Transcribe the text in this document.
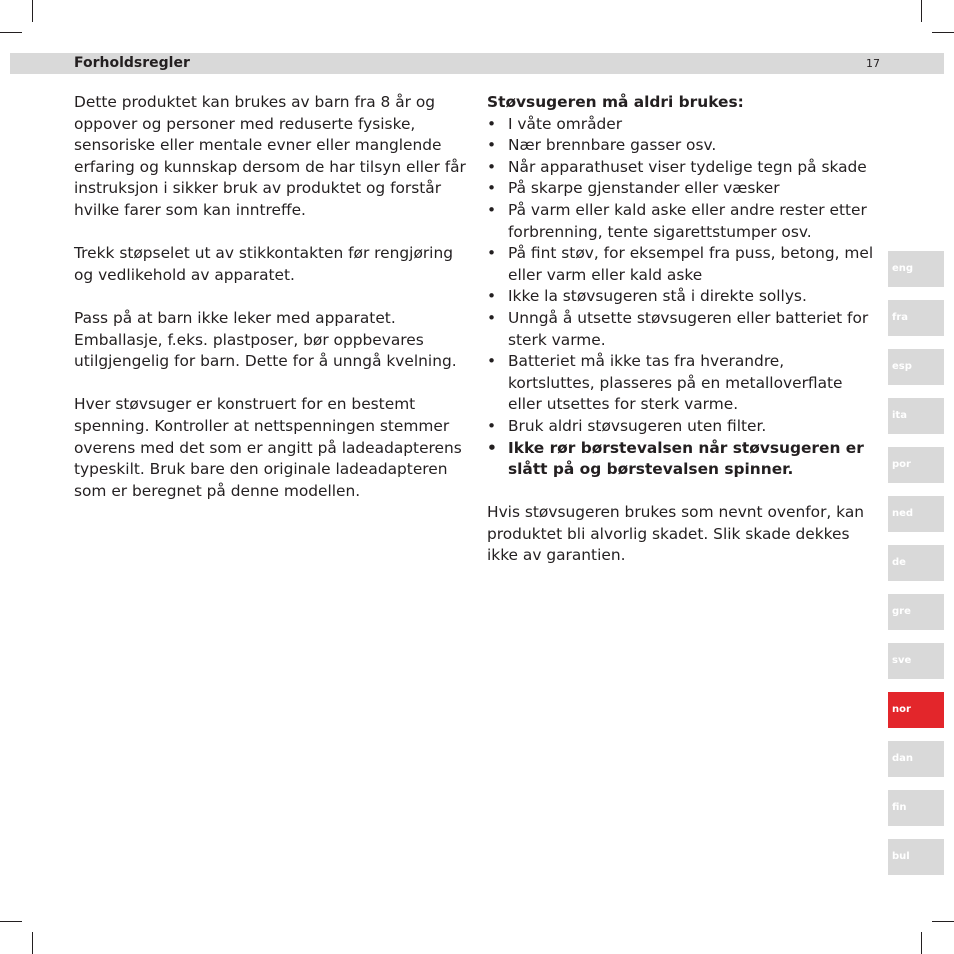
Forholdsregler	17

Dette produktet kan brukes av barn fra 8 år og oppover og personer med reduserte fysiske, sensoriske eller mentale evner eller manglende erfaring og kunnskap dersom de har tilsyn eller får instruksjon i sikker bruk av produktet og forstår hvilke farer som kan inntreffe.

Trekk støpselet ut av stikkontakten før rengjøring og vedlikehold av apparatet.

Pass på at barn ikke leker med apparatet. Emballasje, f.eks. plastposer, bør oppbevares utilgjengelig for barn. Dette for å unngå kvelning.

Hver støvsuger er konstruert for en bestemt spenning. Kontroller at nettspenningen stemmer overens med det som er angitt på ladeadapterens typeskilt. Bruk bare den originale ladeadapteren som er beregnet på denne modellen.

Støvsugeren må aldri brukes:

• I våte områder
• Nær brennbare gasser osv.
• Når apparathuset viser tydelige tegn på skade
• På skarpe gjenstander eller væsker
• På varm eller kald aske eller andre rester etter forbrenning, tente sigarettstumper osv.
• På fint støv, for eksempel fra puss, betong, mel eller varm eller kald aske
• Ikke la støvsugeren stå i direkte sollys.
• Unngå å utsette støvsugeren eller batteriet for sterk varme.
• Batteriet må ikke tas fra hverandre, kortsluttes, plasseres på en metalloverflate eller utsettes for sterk varme.
• Bruk aldri støvsugeren uten filter.
• Ikke rør børstevalsen når støvsugeren er slått på og børstevalsen spinner.

Hvis støvsugeren brukes som nevnt ovenfor, kan produktet bli alvorlig skadet. Slik skade dekkes ikke av garantien.

eng
fra
esp
ita
por
ned
de
gre
sve
nor
dan
fin
bul
